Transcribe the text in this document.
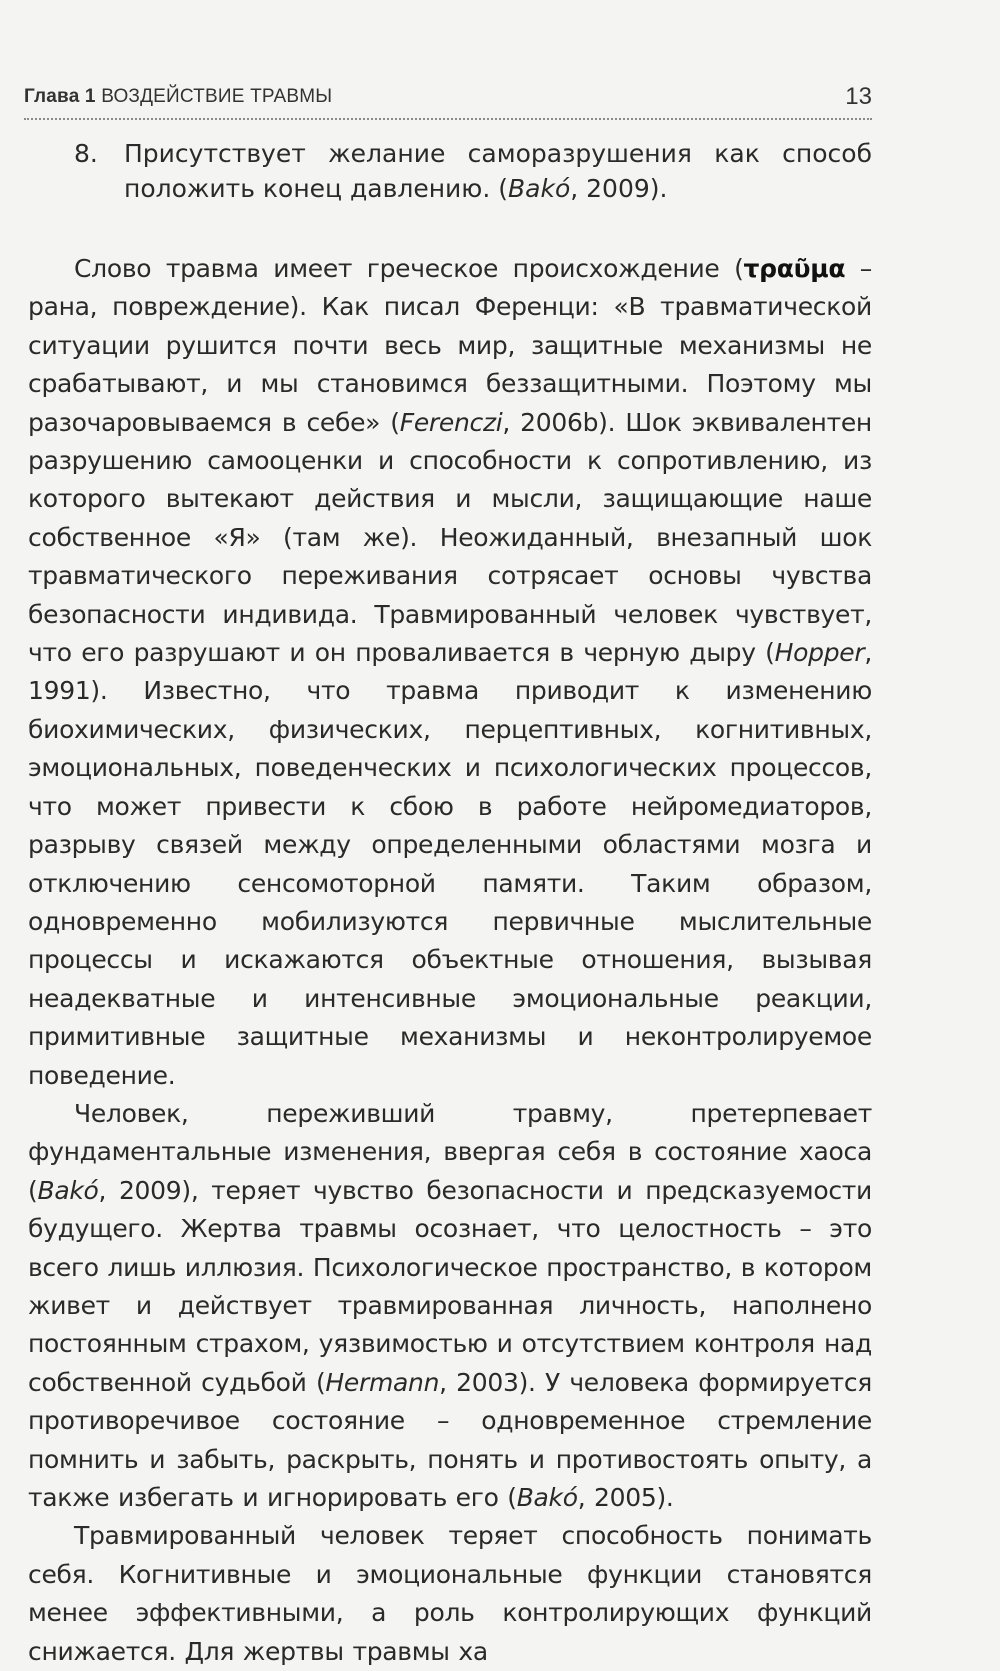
Глава 1 ВОЗДЕЙСТВИЕ ТРАВМЫ	13
8. Присутствует желание саморазрушения как способ положить конец давлению. (Bakó, 2009).

Слово травма имеет греческое происхождение (τραῦμα – рана, повреждение). Как писал Ференци: «В травматической ситуации рушится почти весь мир, защитные механизмы не срабатывают, и мы становимся беззащитными. Поэтому мы разочаровываемся в себе» (Ferenczi, 2006b). Шок эквивалентен разрушению самооценки и способности к сопротивлению, из которого вытекают действия и мысли, защищающие наше собственное «Я» (там же). Неожиданный, внезапный шок травматического переживания сотрясает основы чувства безопасности индивида. Травмированный человек чувствует, что его разрушают и он проваливается в черную дыру (Hopper, 1991). Известно, что травма приводит к изменению биохимических, физических, перцептивных, когнитивных, эмоциональных, поведенческих и психологических процессов, что может привести к сбою в работе нейромедиаторов, разрыву связей между определенными областями мозга и отключению сенсомоторной памяти. Таким образом, одновременно мобилизуются первичные мыслительные процессы и искажаются объектные отношения, вызывая неадекватные и интенсивные эмоциональные реакции, примитивные защитные механизмы и неконтролируемое поведение.

Человек, переживший травму, претерпевает фундаментальные изменения, ввергая себя в состояние хаоса (Bakó, 2009), теряет чувство безопасности и предсказуемости будущего. Жертва травмы осознает, что целостность – это всего лишь иллюзия. Психологическое пространство, в котором живет и действует травмированная личность, наполнено постоянным страхом, уязвимостью и отсутствием контроля над собственной судьбой (Hermann, 2003). У человека формируется противоречивое состояние – одновременное стремление помнить и забыть, раскрыть, понять и противостоять опыту, а также избегать и игнорировать его (Bakó, 2005).

Травмированный человек теряет способность понимать себя. Когнитивные и эмоциональные функции становятся менее эффективными, а роль контролирующих функций снижается. Для жертвы травмы ха
